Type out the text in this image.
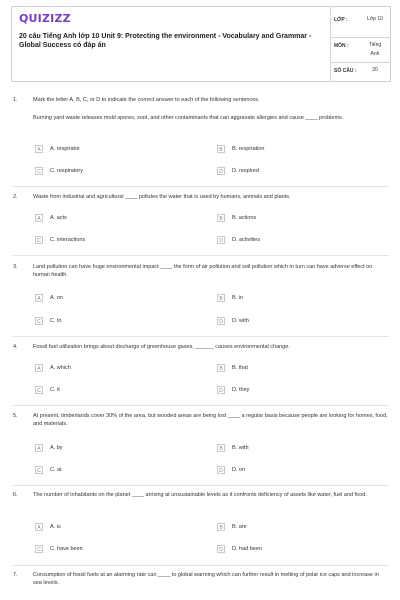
QUIZIZZ
20 câu Tiếng Anh lớp 10 Unit 9: Protecting the environment - Vocabulary and Grammar - Global Success có đáp án
LỚP :	Lớp 10
MÔN :	Tiếng Anh
SỐ CÂU :	20
1.	Mark the letter A, B, C, or D to indicate the correct answer to each of the following sentences.
Burning yard waste releases mold spores, soot, and other contaminants that can aggravate allergies and cause ____ problems.
A	A. respirator	B	B. respiration
C	C. respiratory	D	D. respired
2.	Waste from industrial and agricultural ____ pollutes the water that is used by humans, animals and plants.
A	A. acts	B	B. actions
C	C. interactions	D	D. activities
3.	Land pollution can have huge environmental impact ____ the form of air pollution and soil pollution which in turn can have adverse effect on human health.
A	A. on	B	B. in
C	C. to	D	D. with
4.	Fossil fuel utilization brings about discharge of greenhouse gases, ______ causes environmental change.
A	A. which	B	B. that
C	C. it	D	D. they
5.	At present, timberlands cover 30% of the area, but wooded areas are being lost ____ a regular basis because people are looking for homes, food, and materials.
A	A. by	B	B. with
C	C. at	D	D. on
6.	The number of inhabitants on the planet ____ arriving at unsustainable levels as it confronts deficiency of assets like water, fuel and food.
A	A. is	B	B. are
C	C. have been	D	D. had been
7.	Consumption of fossil fuels at an alarming rate can ____ to global warming which can further result in melting of polar ice caps and increase in sea levels.
